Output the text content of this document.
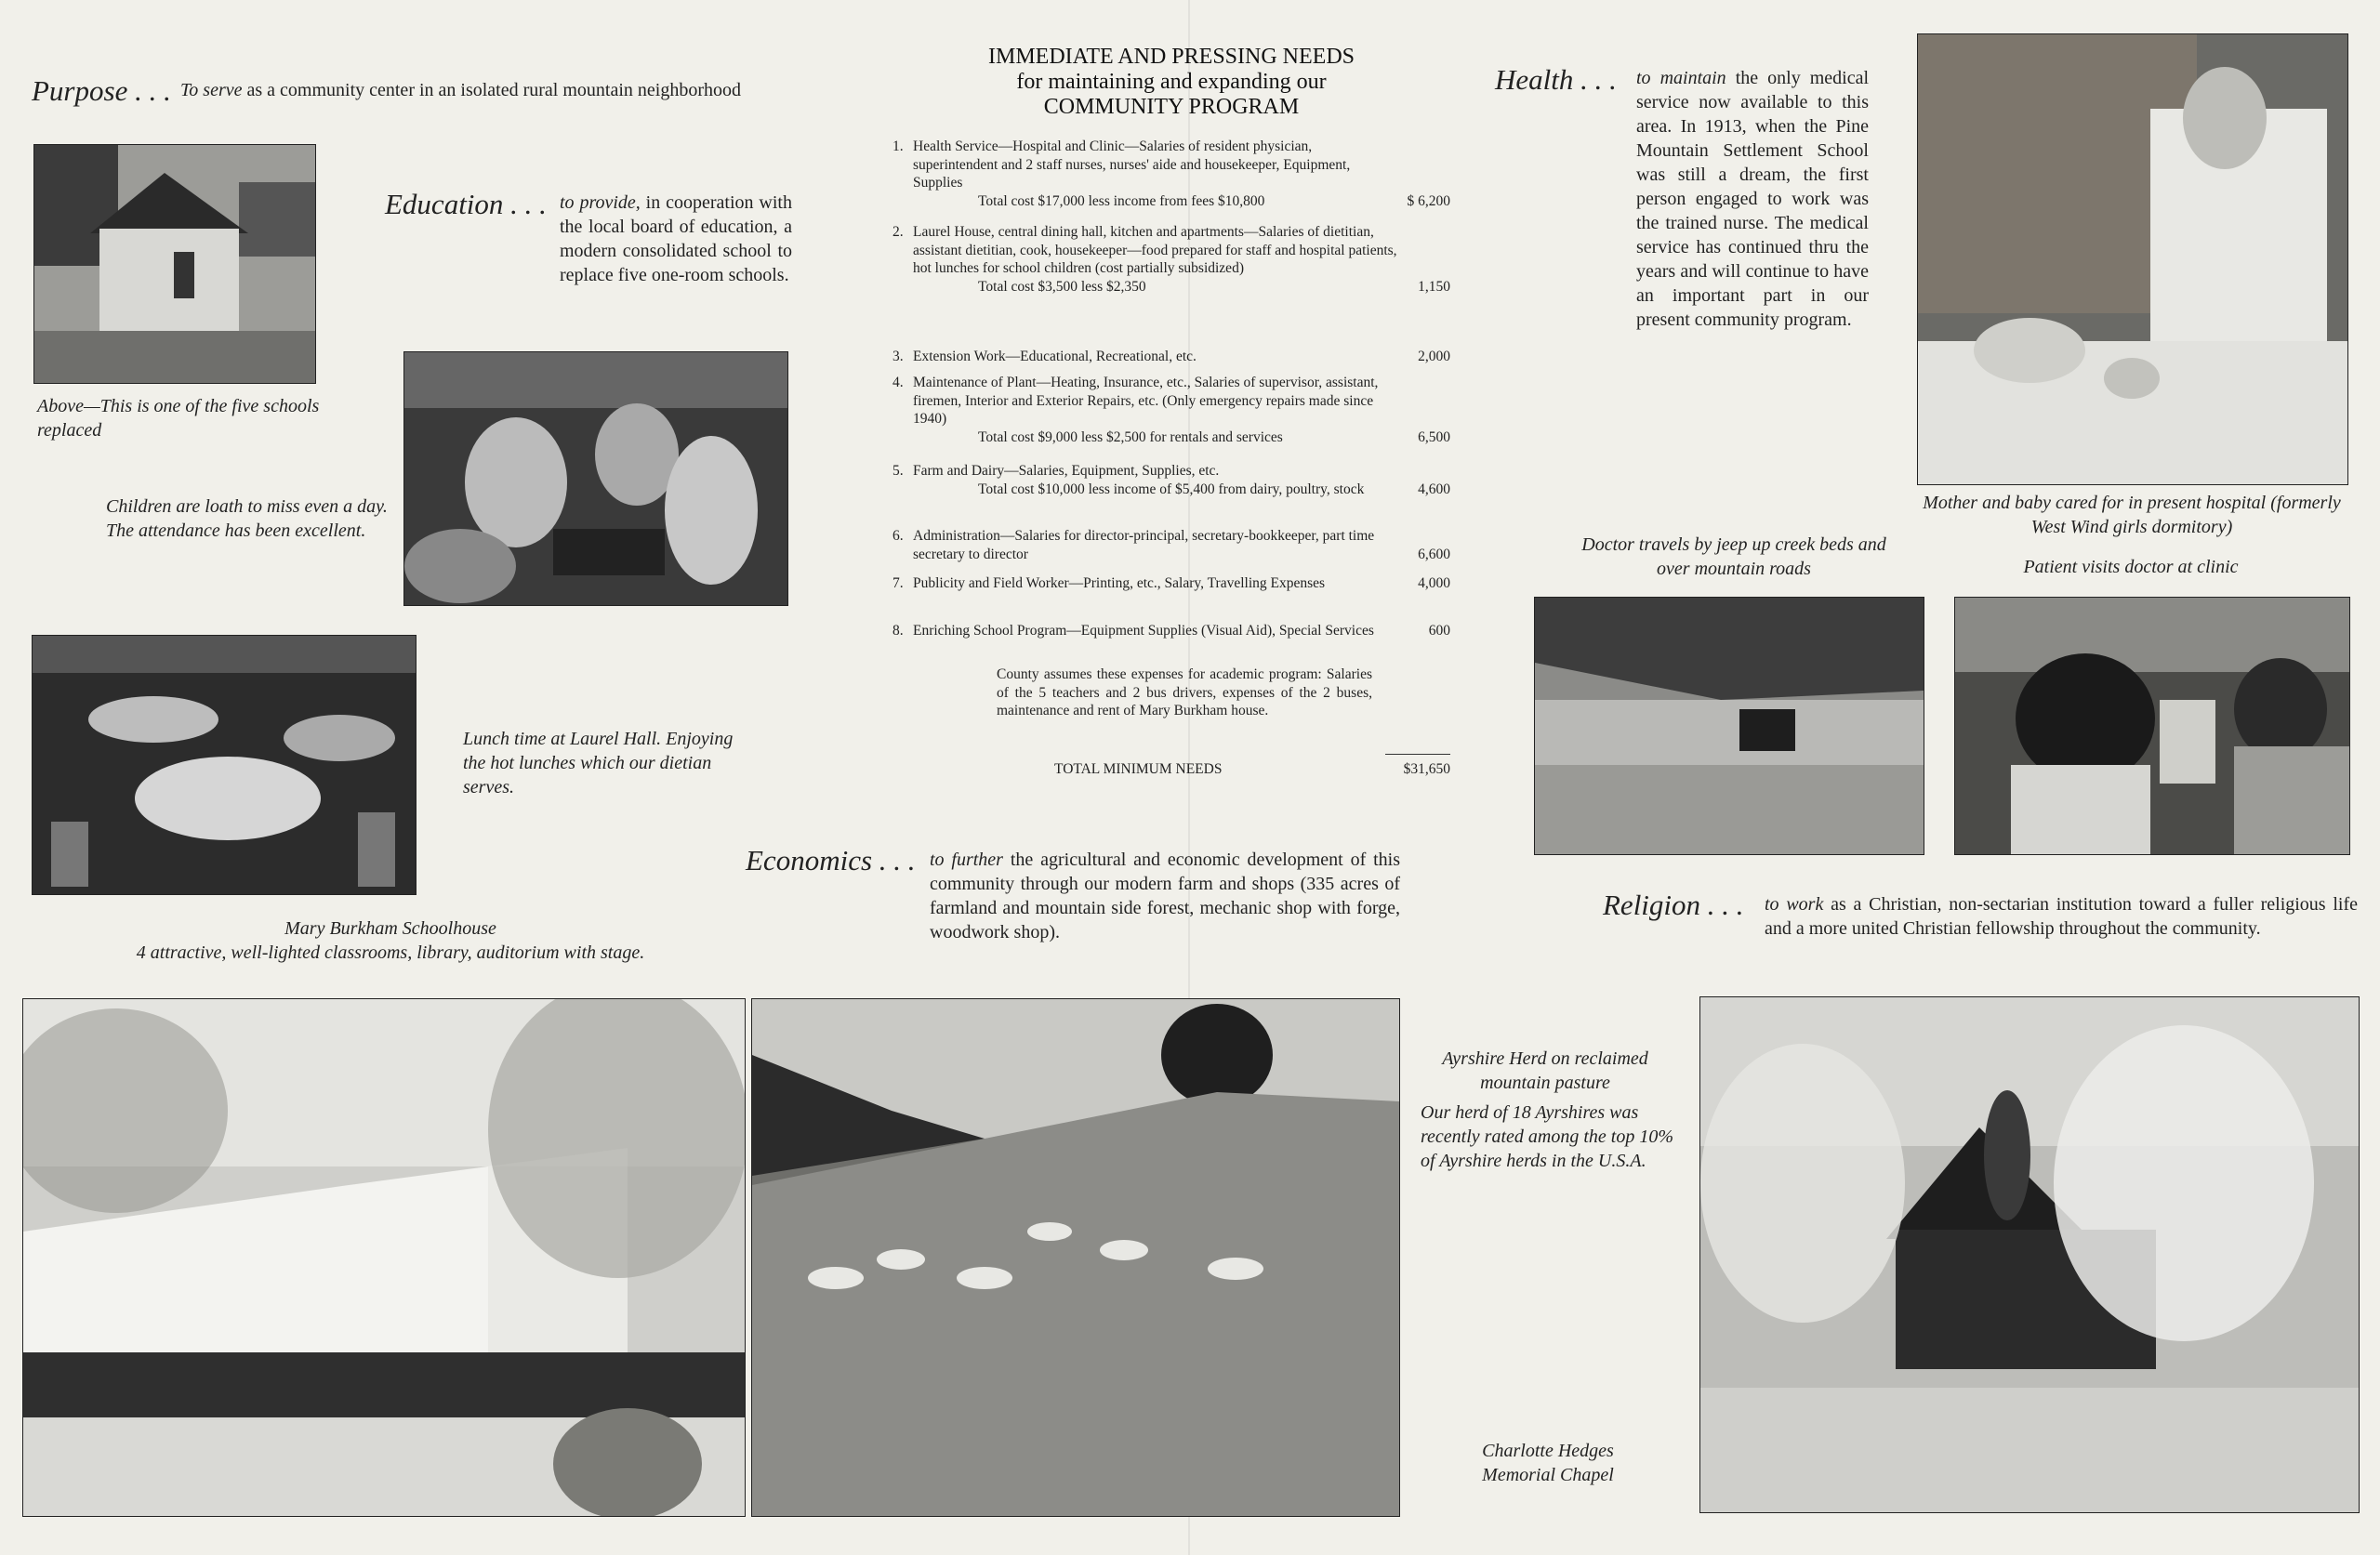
Purpose . . . To serve as a community center in an isolated rural mountain neighborhood
Above—This is one of the five schools replaced
Education . . . to provide, in cooperation with the local board of education, a modern consolidated school to replace five one-room schools.
Children are loath to miss even a day. The attendance has been excellent.
Lunch time at Laurel Hall. Enjoying the hot lunches which our dietian serves.
Mary Burkham Schoolhouse
4 attractive, well-lighted classrooms, library, auditorium with stage.
IMMEDIATE AND PRESSING NEEDS
for maintaining and expanding our
COMMUNITY PROGRAM
1. Health Service—Hospital and Clinic—Salaries of resident physician, superintendent and 2 staff nurses, nurses' aide and housekeeper, Equipment, Supplies
Total cost $17,000 less income from fees $10,800	$ 6,200
2. Laurel House, central dining hall, kitchen and apartments—Salaries of dietitian, assistant dietitian, cook, housekeeper—food prepared for staff and hospital patients, hot lunches for school children (cost partially subsidized)
Total cost $3,500 less $2,350	1,150
3. Extension Work—Educational, Recreational, etc.	2,000
4. Maintenance of Plant—Heating, Insurance, etc., Salaries of supervisor, assistant, firemen, Interior and Exterior Repairs, etc. (Only emergency repairs made since 1940)
Total cost $9,000 less $2,500 for rentals and services	6,500
5. Farm and Dairy—Salaries, Equipment, Supplies, etc.
Total cost $10,000 less income of $5,400 from dairy, poultry, stock	4,600
6. Administration—Salaries for director-principal, secretary-bookkeeper, part time secretary to director	6,600
7. Publicity and Field Worker—Printing, etc., Salary, Travelling Expenses	4,000
8. Enriching School Program—Equipment Supplies (Visual Aid), Special Services	600
County assumes these expenses for academic program: Salaries of the 5 teachers and 2 bus drivers, expenses of the 2 buses, maintenance and rent of Mary Burkham house.
TOTAL MINIMUM NEEDS	$31,650
Economics . . . to further the agricultural and economic development of this community through our modern farm and shops (335 acres of farmland and mountain side forest, mechanic shop with forge, woodwork shop).
Health . . . to maintain the only medical service now available to this area. In 1913, when the Pine Mountain Settlement School was still a dream, the first person engaged to work was the trained nurse. The medical service has continued thru the years and will continue to have an important part in our present community program.
Mother and baby cared for in present hospital (formerly West Wind girls dormitory)
Doctor travels by jeep up creek beds and over mountain roads	Patient visits doctor at clinic
Religion . . . to work as a Christian, non-sectarian institution toward a fuller religious life and a more united Christian fellowship throughout the community.
Ayrshire Herd on reclaimed mountain pasture
Our herd of 18 Ayrshires was recently rated among the top 10% of Ayrshire herds in the U.S.A.
Charlotte Hedges Memorial Chapel
